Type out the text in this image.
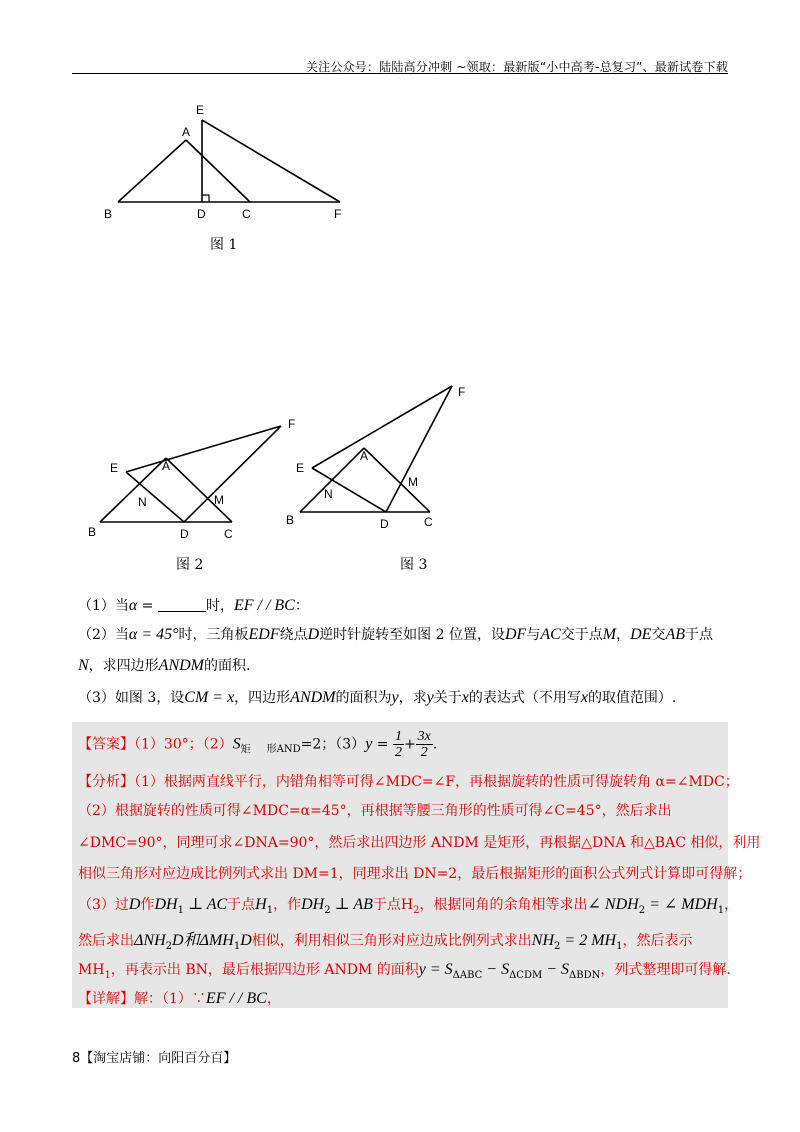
关注公众号：陆陆高分冲刺 ~领取：最新版“小中高考-总复习”、最新试卷下载
A
B	C
D
E
F
图 1
A
B	C
D
E
F
M
N
图 2
A
B	C
D
E
F
M
N
图 3
（1）当α =	时，EF / / BC：
（2）当α = 45°时，三角板EDF绕点D逆时针旋转至如图 2 位置，设DF与AC交于点M，DE交AB于点
N，求四边形ANDM的面积.
（3）如图 3，设CM = x，四边形ANDM的面积为y，求y关于x的表达式（不用写x的取值范围）.
【答案】（1）30°；$(2)S_矩$ $_{形AND}$=2；$(3)y = \frac{1}{2} + \frac{3x}{2}$ .
【分析】（1）根据两直线平行，内错角相等可得∠MDC=∠F，再根据旋转的性质可得旋转角 α=∠MDC；
（2）根据旋转的性质可得∠MDC=α=45°，再根据等腰三角形的性质可得∠C=45°，然后求出
∠DMC=90°，同理可求∠DNA=90°，然后求出四边形 ANDM 是矩形，再根据△DNA 和△BAC 相似，利用
相似三角形对应边成比例列式求出 DM=1，同理求出 DN=2，最后根据矩形的面积公式列式计算即可得解；
（3）过D作$DH_1$ ⊥ AC于点$H_1$，作$DH_2$ ⊥ AB于点$H_2$，根据同角的余角相等求出∠ $NDH_2$ = ∠ $MDH_1$，
然后求出$\Delta NH_2D$和$\Delta MH_1D$相似，利用相似三角形对应边成比例列式求出$NH_2 = 2$ $MH_1$，然后表示
$MH_1$，再表示出 BN，最后根据四边形 ANDM 的面积$y = S_{\Delta ABC} - S_{\Delta CDM} - S_{\Delta BDN}$，列式整理即可得解.
【详解】解：（1）∵EF / / BC，
8【淘宝店铺：向阳百分百】
